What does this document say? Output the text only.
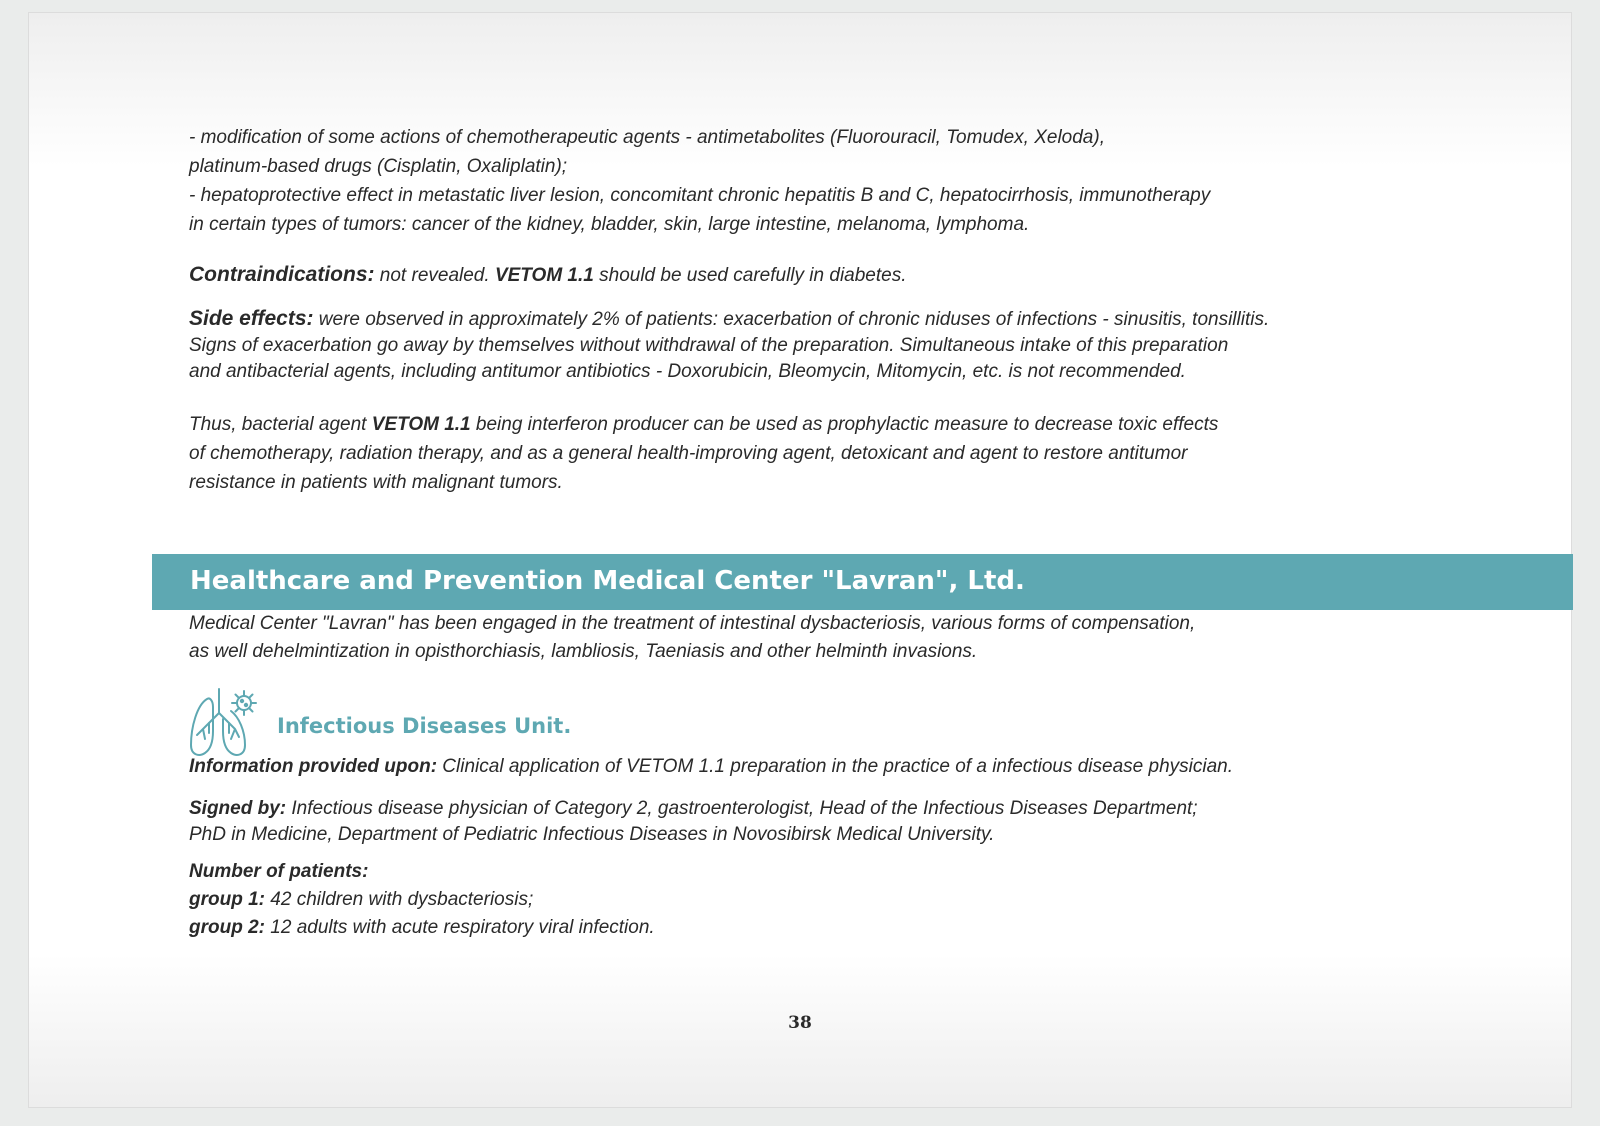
- modification of some actions of chemotherapeutic agents - antimetabolites (Fluorouracil, Tomudex, Xeloda),
platinum-based drugs (Cisplatin, Oxaliplatin);
- hepatoprotective effect in metastatic liver lesion, concomitant chronic hepatitis B and C, hepatocirrhosis, immunotherapy
in certain types of tumors: cancer of the kidney, bladder, skin, large intestine, melanoma, lymphoma.

Contraindications: not revealed. VETOM 1.1 should be used carefully in diabetes.

Side effects: were observed in approximately 2% of patients: exacerbation of chronic niduses of infections - sinusitis, tonsillitis.
Signs of exacerbation go away by themselves without withdrawal of the preparation. Simultaneous intake of this preparation
and antibacterial agents, including antitumor antibiotics - Doxorubicin, Bleomycin, Mitomycin, etc. is not recommended.

Thus, bacterial agent VETOM 1.1 being interferon producer can be used as prophylactic measure to decrease toxic effects
of chemotherapy, radiation therapy, and as a general health-improving agent, detoxicant and agent to restore antitumor
resistance in patients with malignant tumors.

Healthcare and Prevention Medical Center "Lavran", Ltd.

Medical Center "Lavran" has been engaged in the treatment of intestinal dysbacteriosis, various forms of compensation,
as well dehelmintization in opisthorchiasis, lambliosis, Taeniasis and other helminth invasions.

Infectious Diseases Unit.

Information provided upon: Clinical application of VETOM 1.1 preparation in the practice of a infectious disease physician.

Signed by: Infectious disease physician of Category 2, gastroenterologist, Head of the Infectious Diseases Department;
PhD in Medicine, Department of Pediatric Infectious Diseases in Novosibirsk Medical University.

Number of patients:
group 1: 42 children with dysbacteriosis;
group 2: 12 adults with acute respiratory viral infection.

38
